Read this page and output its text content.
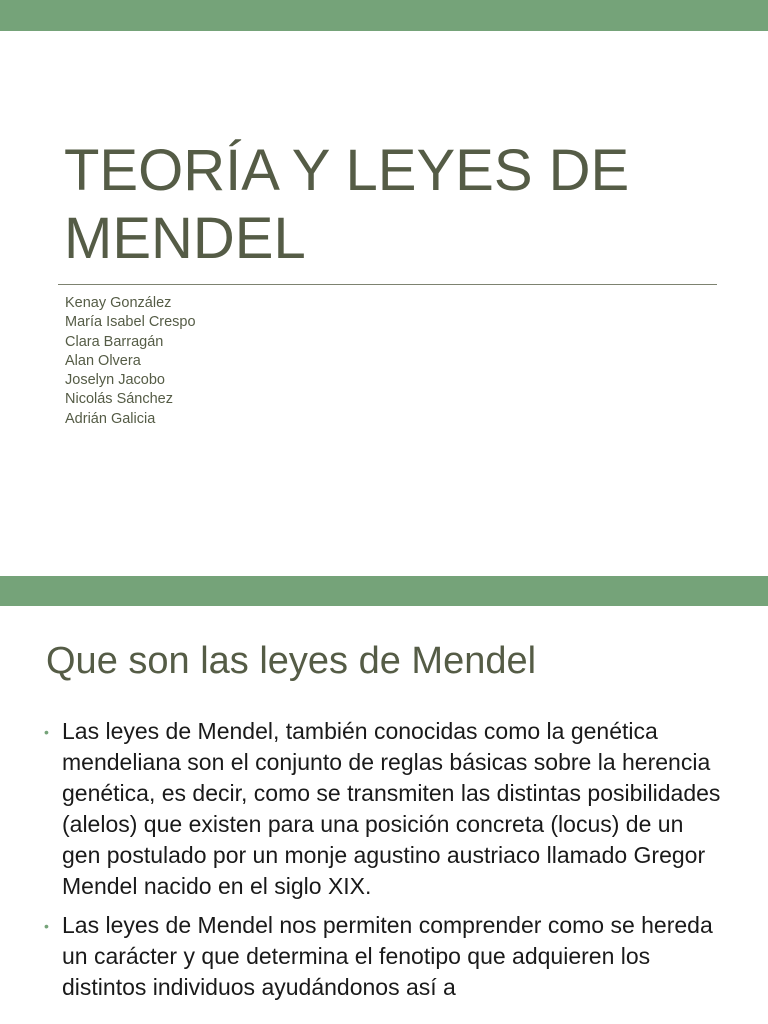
TEORÍA Y LEYES DE MENDEL
Kenay González
María Isabel Crespo
Clara Barragán
Alan Olvera
Joselyn Jacobo
Nicolás Sánchez
Adrián Galicia
Que son las leyes de Mendel
• Las leyes de Mendel, también conocidas como la genética mendeliana son el conjunto de reglas básicas sobre la herencia genética, es decir, como se transmiten las distintas posibilidades (alelos) que existen para una posición concreta (locus) de un gen postulado por un monje agustino austriaco llamado Gregor Mendel nacido en el siglo XIX.
• Las leyes de Mendel nos permiten comprender como se hereda un carácter y que determina el fenotipo que adquieren los distintos individuos ayudándonos así a
